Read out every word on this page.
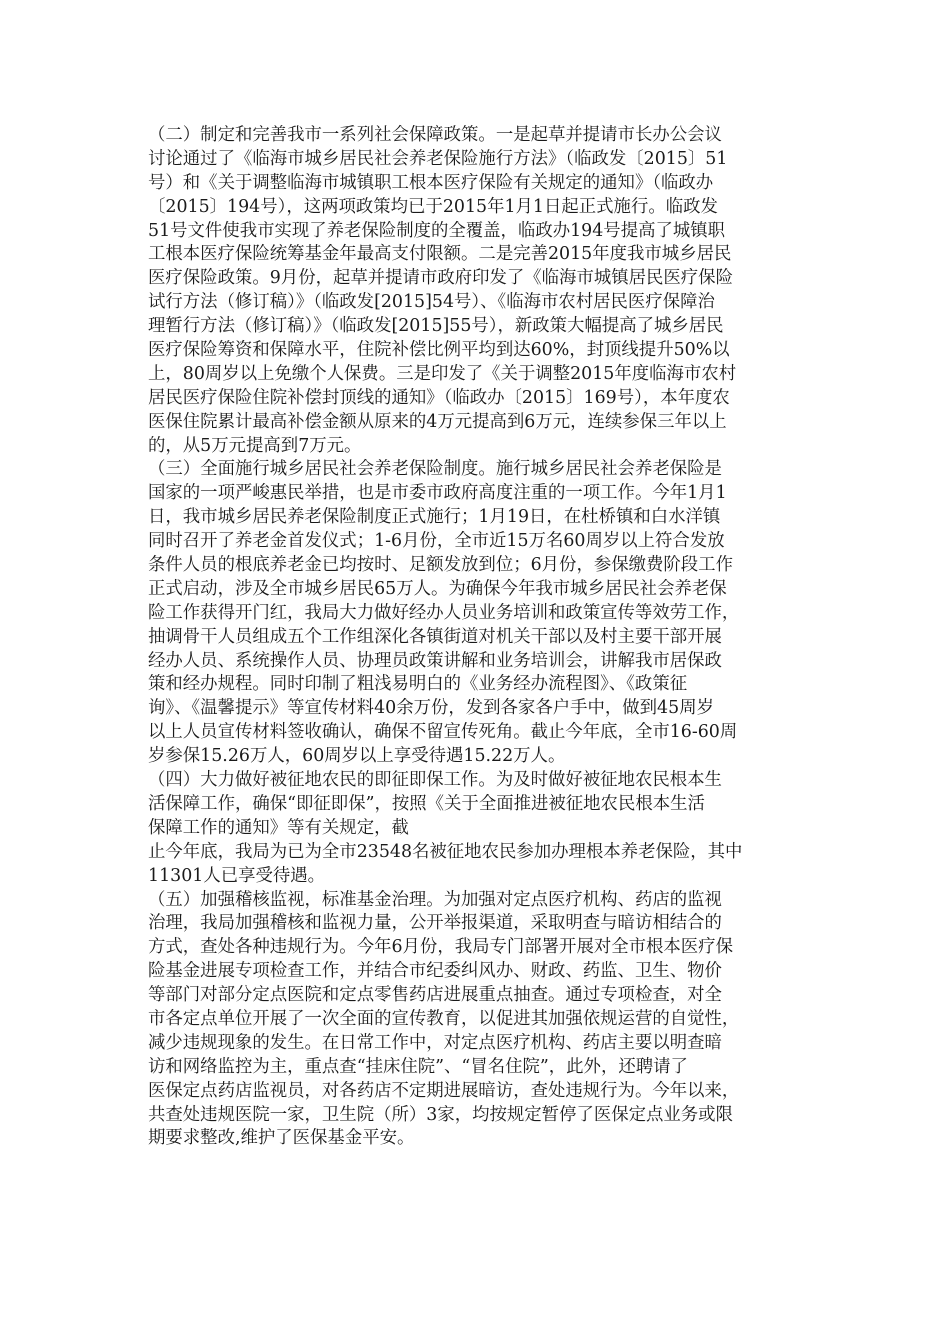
（二）制定和完善我市一系列社会保障政策。一是起草并提请市长办公会议
讨论通过了《临海市城乡居民社会养老保险施行方法》（临政发〔2015〕51
号）和《关于调整临海市城镇职工根本医疗保险有关规定的通知》（临政办
〔2015〕194号），这两项政策均已于2015年1月1日起正式施行。临政发
51号文件使我市实现了养老保险制度的全覆盖，临政办194号提高了城镇职
工根本医疗保险统筹基金年最高支付限额。二是完善2015年度我市城乡居民
医疗保险政策。9月份，起草并提请市政府印发了《临海市城镇居民医疗保险
试行方法（修订稿）》（临政发[2015]54号）、《临海市农村居民医疗保障治
理暂行方法（修订稿）》（临政发[2015]55号），新政策大幅提高了城乡居民
医疗保险筹资和保障水平，住院补偿比例平均到达60%，封顶线提升50%以
上，80周岁以上免缴个人保费。三是印发了《关于调整2015年度临海市农村
居民医疗保险住院补偿封顶线的通知》（临政办〔2015〕169号），本年度农
医保住院累计最高补偿金额从原来的4万元提高到6万元，连续参保三年以上
的，从5万元提高到7万元。
（三）全面施行城乡居民社会养老保险制度。施行城乡居民社会养老保险是
国家的一项严峻惠民举措，也是市委市政府高度注重的一项工作。今年1月1
日，我市城乡居民养老保险制度正式施行；1月19日，在杜桥镇和白水洋镇
同时召开了养老金首发仪式；1-6月份，全市近15万名60周岁以上符合发放
条件人员的根底养老金已均按时、足额发放到位；6月份，参保缴费阶段工作
正式启动，涉及全市城乡居民65万人。为确保今年我市城乡居民社会养老保
险工作获得开门红，我局大力做好经办人员业务培训和政策宣传等效劳工作，
抽调骨干人员组成五个工作组深化各镇街道对机关干部以及村主要干部开展
经办人员、系统操作人员、协理员政策讲解和业务培训会，讲解我市居保政
策和经办规程。同时印制了粗浅易明白的《业务经办流程图》、《政策征
询》、《温馨提示》等宣传材料40余万份，发到各家各户手中，做到45周岁
以上人员宣传材料签收确认，确保不留宣传死角。截止今年底，全市16-60周
岁参保15.26万人，60周岁以上享受待遇15.22万人。
（四）大力做好被征地农民的即征即保工作。为及时做好被征地农民根本生
活保障工作，确保“即征即保”，按照《关于全面推进被征地农民根本生活
保障工作的通知》等有关规定，截
止今年底，我局为已为全市23548名被征地农民参加办理根本养老保险，其中
11301人已享受待遇。
（五）加强稽核监视，标准基金治理。为加强对定点医疗机构、药店的监视
治理，我局加强稽核和监视力量，公开举报渠道，采取明查与暗访相结合的
方式，查处各种违规行为。今年6月份，我局专门部署开展对全市根本医疗保
险基金进展专项检查工作，并结合市纪委纠风办、财政、药监、卫生、物价
等部门对部分定点医院和定点零售药店进展重点抽查。通过专项检查，对全
市各定点单位开展了一次全面的宣传教育，以促进其加强依规运营的自觉性，
减少违规现象的发生。在日常工作中，对定点医疗机构、药店主要以明查暗
访和网络监控为主，重点查“挂床住院”、“冒名住院”，此外，还聘请了
医保定点药店监视员，对各药店不定期进展暗访，查处违规行为。今年以来，
共查处违规医院一家，卫生院（所）3家，均按规定暂停了医保定点业务或限
期要求整改,维护了医保基金平安。
